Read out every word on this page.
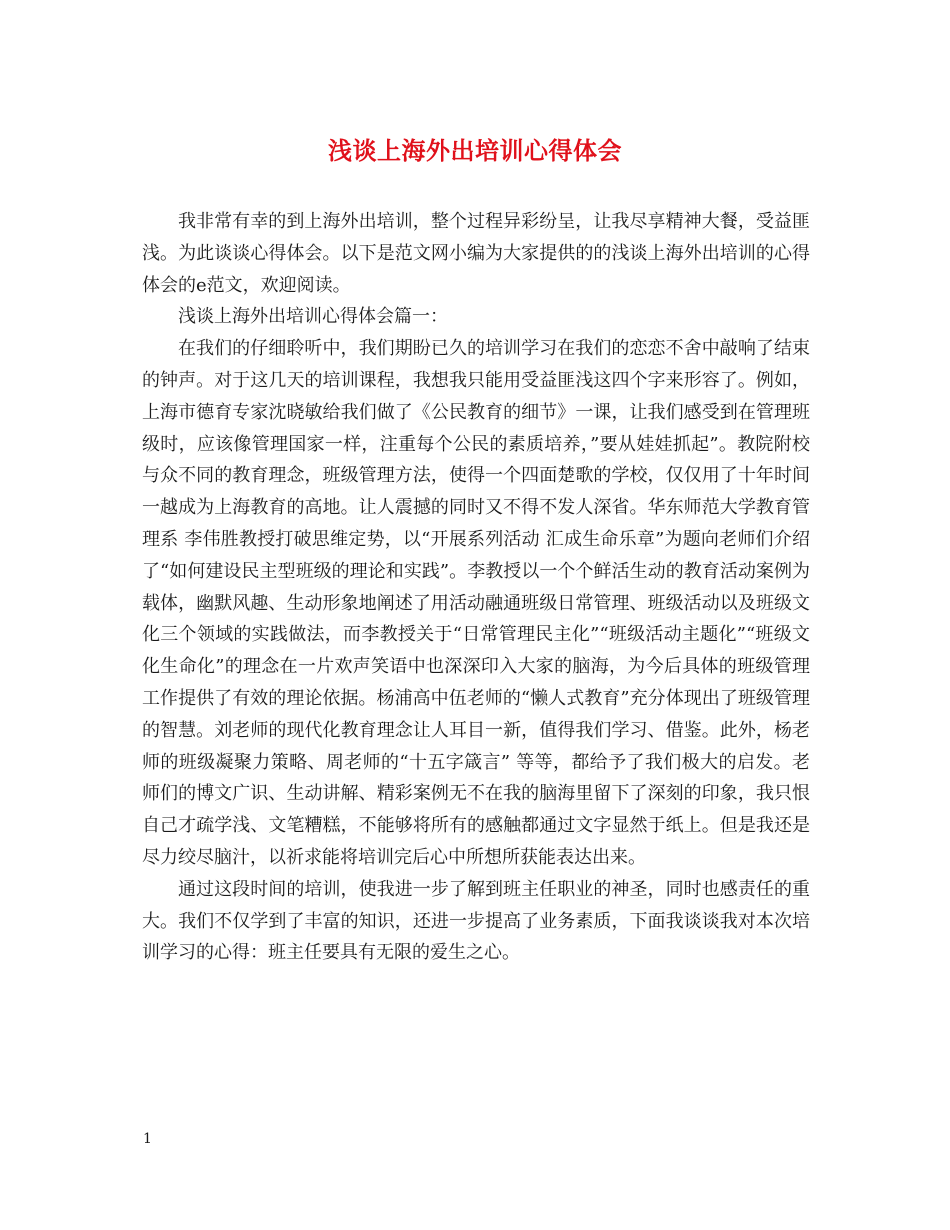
浅谈上海外出培训心得体会

我非常有幸的到上海外出培训，整个过程异彩纷呈，让我尽享精神大餐，受益匪浅。为此谈谈心得体会。以下是范文网小编为大家提供的的浅谈上海外出培训的心得体会的e范文，欢迎阅读。

浅谈上海外出培训心得体会篇一：

在我们的仔细聆听中，我们期盼已久的培训学习在我们的恋恋不舍中敲响了结束的钟声。对于这几天的培训课程，我想我只能用受益匪浅这四个字来形容了。例如，上海市德育专家沈晓敏给我们做了《公民教育的细节》一课，让我们感受到在管理班级时，应该像管理国家一样，注重每个公民的素质培养，”要从娃娃抓起”。教院附校与众不同的教育理念，班级管理方法，使得一个四面楚歌的学校，仅仅用了十年时间一越成为上海教育的高地。让人震撼的同时又不得不发人深省。华东师范大学教育管理系 李伟胜教授打破思维定势，以“开展系列活动 汇成生命乐章”为题向老师们介绍了“如何建设民主型班级的理论和实践”。李教授以一个个鲜活生动的教育活动案例为载体，幽默风趣、生动形象地阐述了用活动融通班级日常管理、班级活动以及班级文化三个领域的实践做法，而李教授关于“日常管理民主化”“班级活动主题化”“班级文化生命化”的理念在一片欢声笑语中也深深印入大家的脑海，为今后具体的班级管理工作提供了有效的理论依据。杨浦高中伍老师的“懒人式教育”充分体现出了班级管理的智慧。刘老师的现代化教育理念让人耳目一新，值得我们学习、借鉴。此外，杨老师的班级凝聚力策略、周老师的“十五字箴言” 等等，都给予了我们极大的启发。老师们的博文广识、生动讲解、精彩案例无不在我的脑海里留下了深刻的印象，我只恨自己才疏学浅、文笔糟糕，不能够将所有的感触都通过文字显然于纸上。但是我还是尽力绞尽脑汁，以祈求能将培训完后心中所想所获能表达出来。

通过这段时间的培训，使我进一步了解到班主任职业的神圣，同时也感责任的重大。我们不仅学到了丰富的知识，还进一步提高了业务素质，下面我谈谈我对本次培训学习的心得：班主任要具有无限的爱生之心。

1
